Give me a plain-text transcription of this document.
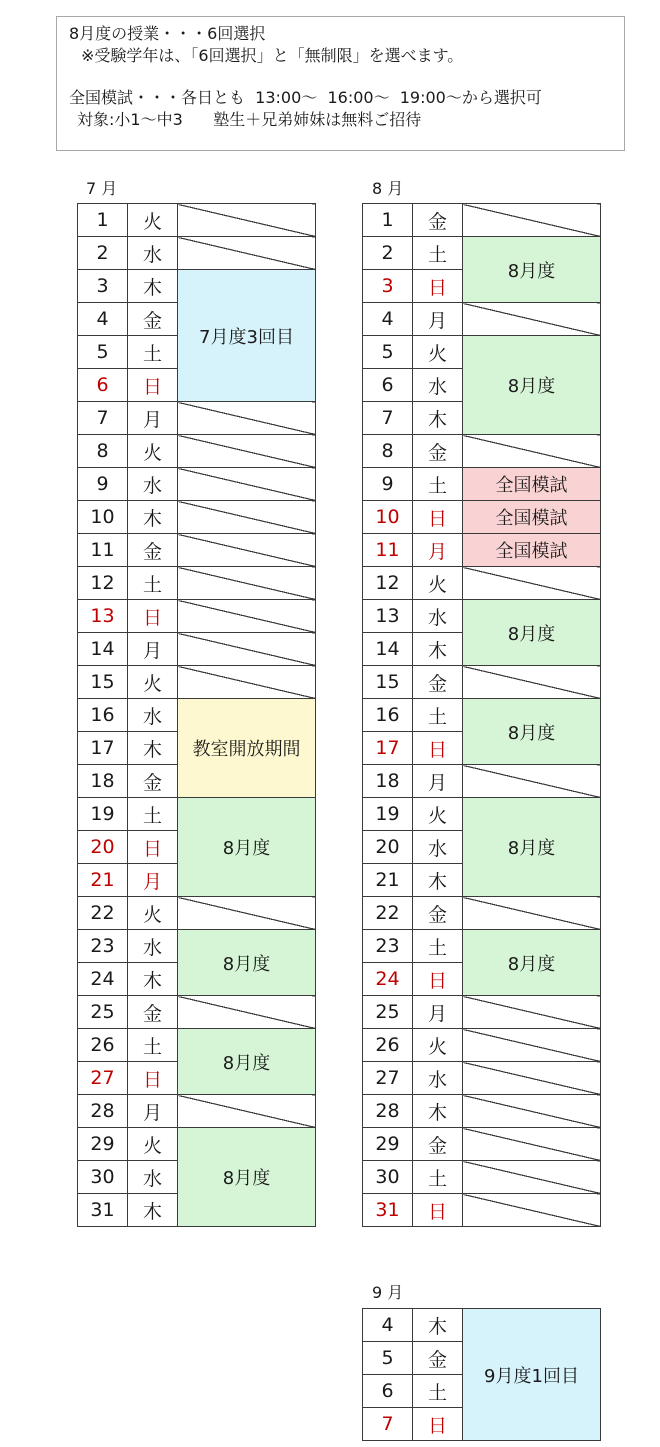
8月度の授業・・・6回選択
※受験学年は、「6回選択」と「無制限」を選べます。
全国模試・・・各日とも  13:00～  16:00～  19:00～から選択可
対象:小1～中3      塾生＋兄弟姉妹は無料ご招待
7 月
1	火	
2	水	
3	木	7月度3回目
4	金	
5	土	
6	日	
7	月	
8	火	
9	水	
10	木	
11	金	
12	土	
13	日	
14	月	
15	火	
16	水	教室開放期間
17	木	
18	金	
19	土	8月度
20	日	
21	月	
22	火	
23	水	8月度
24	木	
25	金	
26	土	8月度
27	日	
28	月	
29	火	8月度
30	水	
31	木	
8 月
1	金	
2	土	8月度
3	日	
4	月	
5	火	8月度
6	水	
7	木	
8	金	
9	土	全国模試
10	日	全国模試
11	月	全国模試
12	火	
13	水	8月度
14	木	
15	金	
16	土	8月度
17	日	
18	月	
19	火	8月度
20	水	
21	木	
22	金	
23	土	8月度
24	日	
25	月	
26	火	
27	水	
28	木	
29	金	
30	土	
31	日	
9 月
4	木	9月度1回目
5	金	
6	土	
7	日	
